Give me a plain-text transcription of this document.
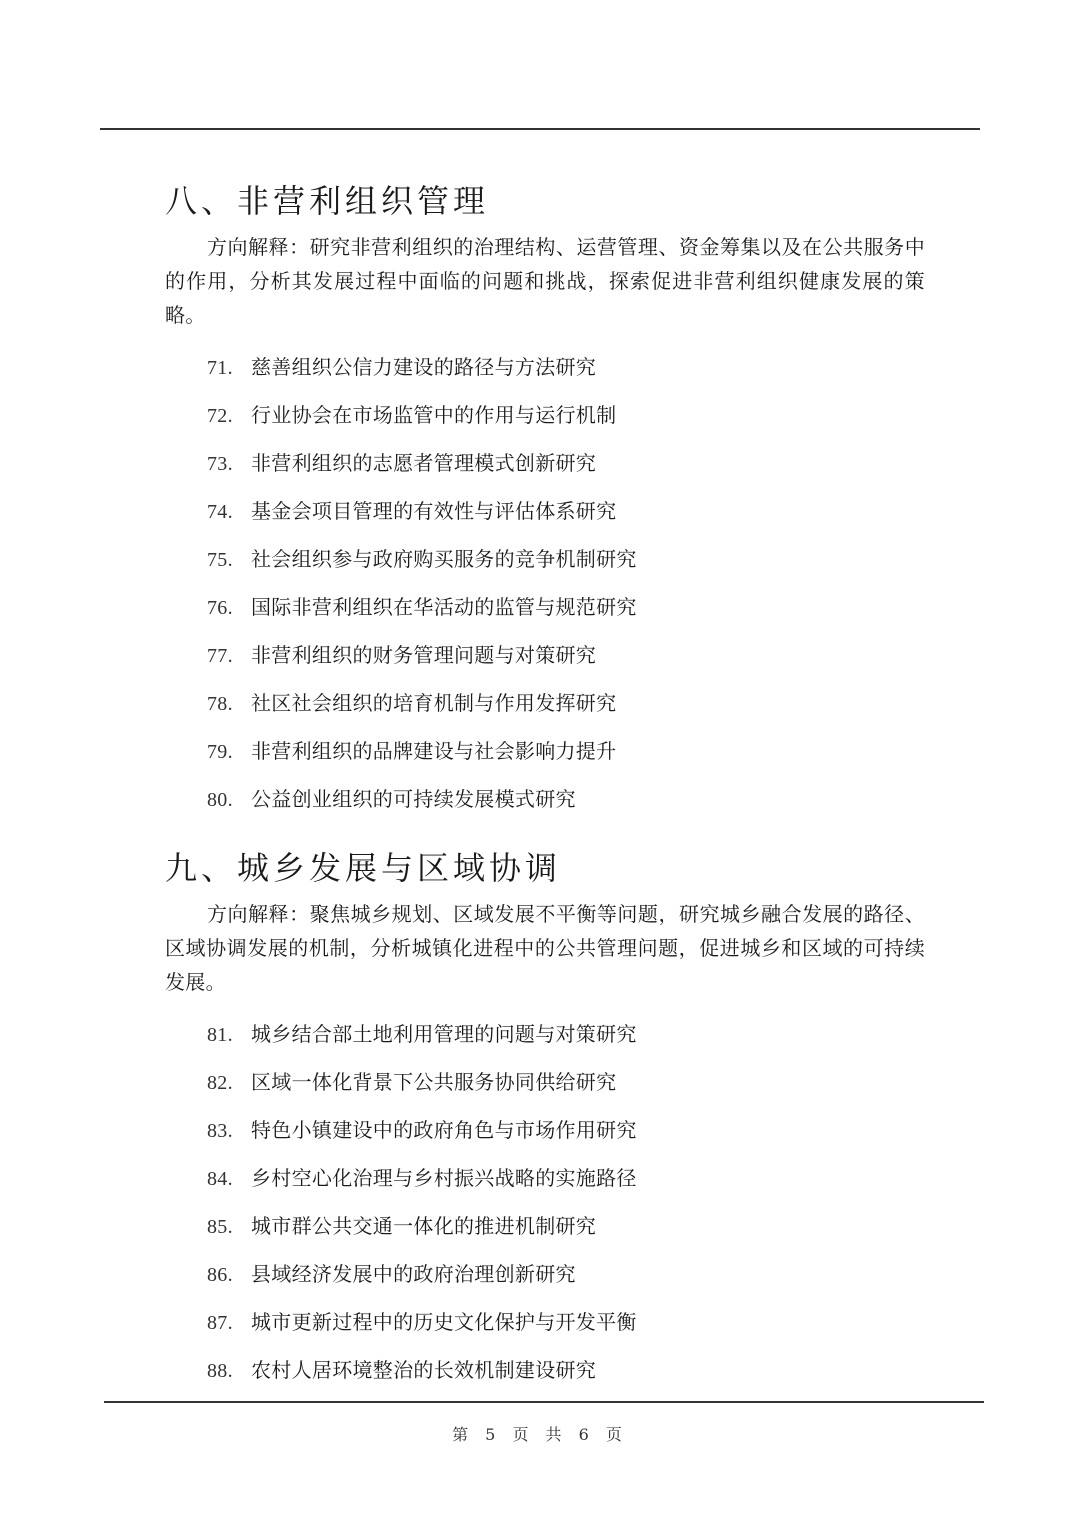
八、非营利组织管理

方向解释：研究非营利组织的治理结构、运营管理、资金筹集以及在公共服务中的作用，分析其发展过程中面临的问题和挑战，探索促进非营利组织健康发展的策略。

71. 慈善组织公信力建设的路径与方法研究
72. 行业协会在市场监管中的作用与运行机制
73. 非营利组织的志愿者管理模式创新研究
74. 基金会项目管理的有效性与评估体系研究
75. 社会组织参与政府购买服务的竞争机制研究
76. 国际非营利组织在华活动的监管与规范研究
77. 非营利组织的财务管理问题与对策研究
78. 社区社会组织的培育机制与作用发挥研究
79. 非营利组织的品牌建设与社会影响力提升
80. 公益创业组织的可持续发展模式研究
九、城乡发展与区域协调

方向解释：聚焦城乡规划、区域发展不平衡等问题，研究城乡融合发展的路径、区域协调发展的机制，分析城镇化进程中的公共管理问题，促进城乡和区域的可持续发展。

81. 城乡结合部土地利用管理的问题与对策研究
82. 区域一体化背景下公共服务协同供给研究
83. 特色小镇建设中的政府角色与市场作用研究
84. 乡村空心化治理与乡村振兴战略的实施路径
85. 城市群公共交通一体化的推进机制研究
86. 县域经济发展中的政府治理创新研究
87. 城市更新过程中的历史文化保护与开发平衡
88. 农村人居环境整治的长效机制建设研究
第 5 页 共 6 页
